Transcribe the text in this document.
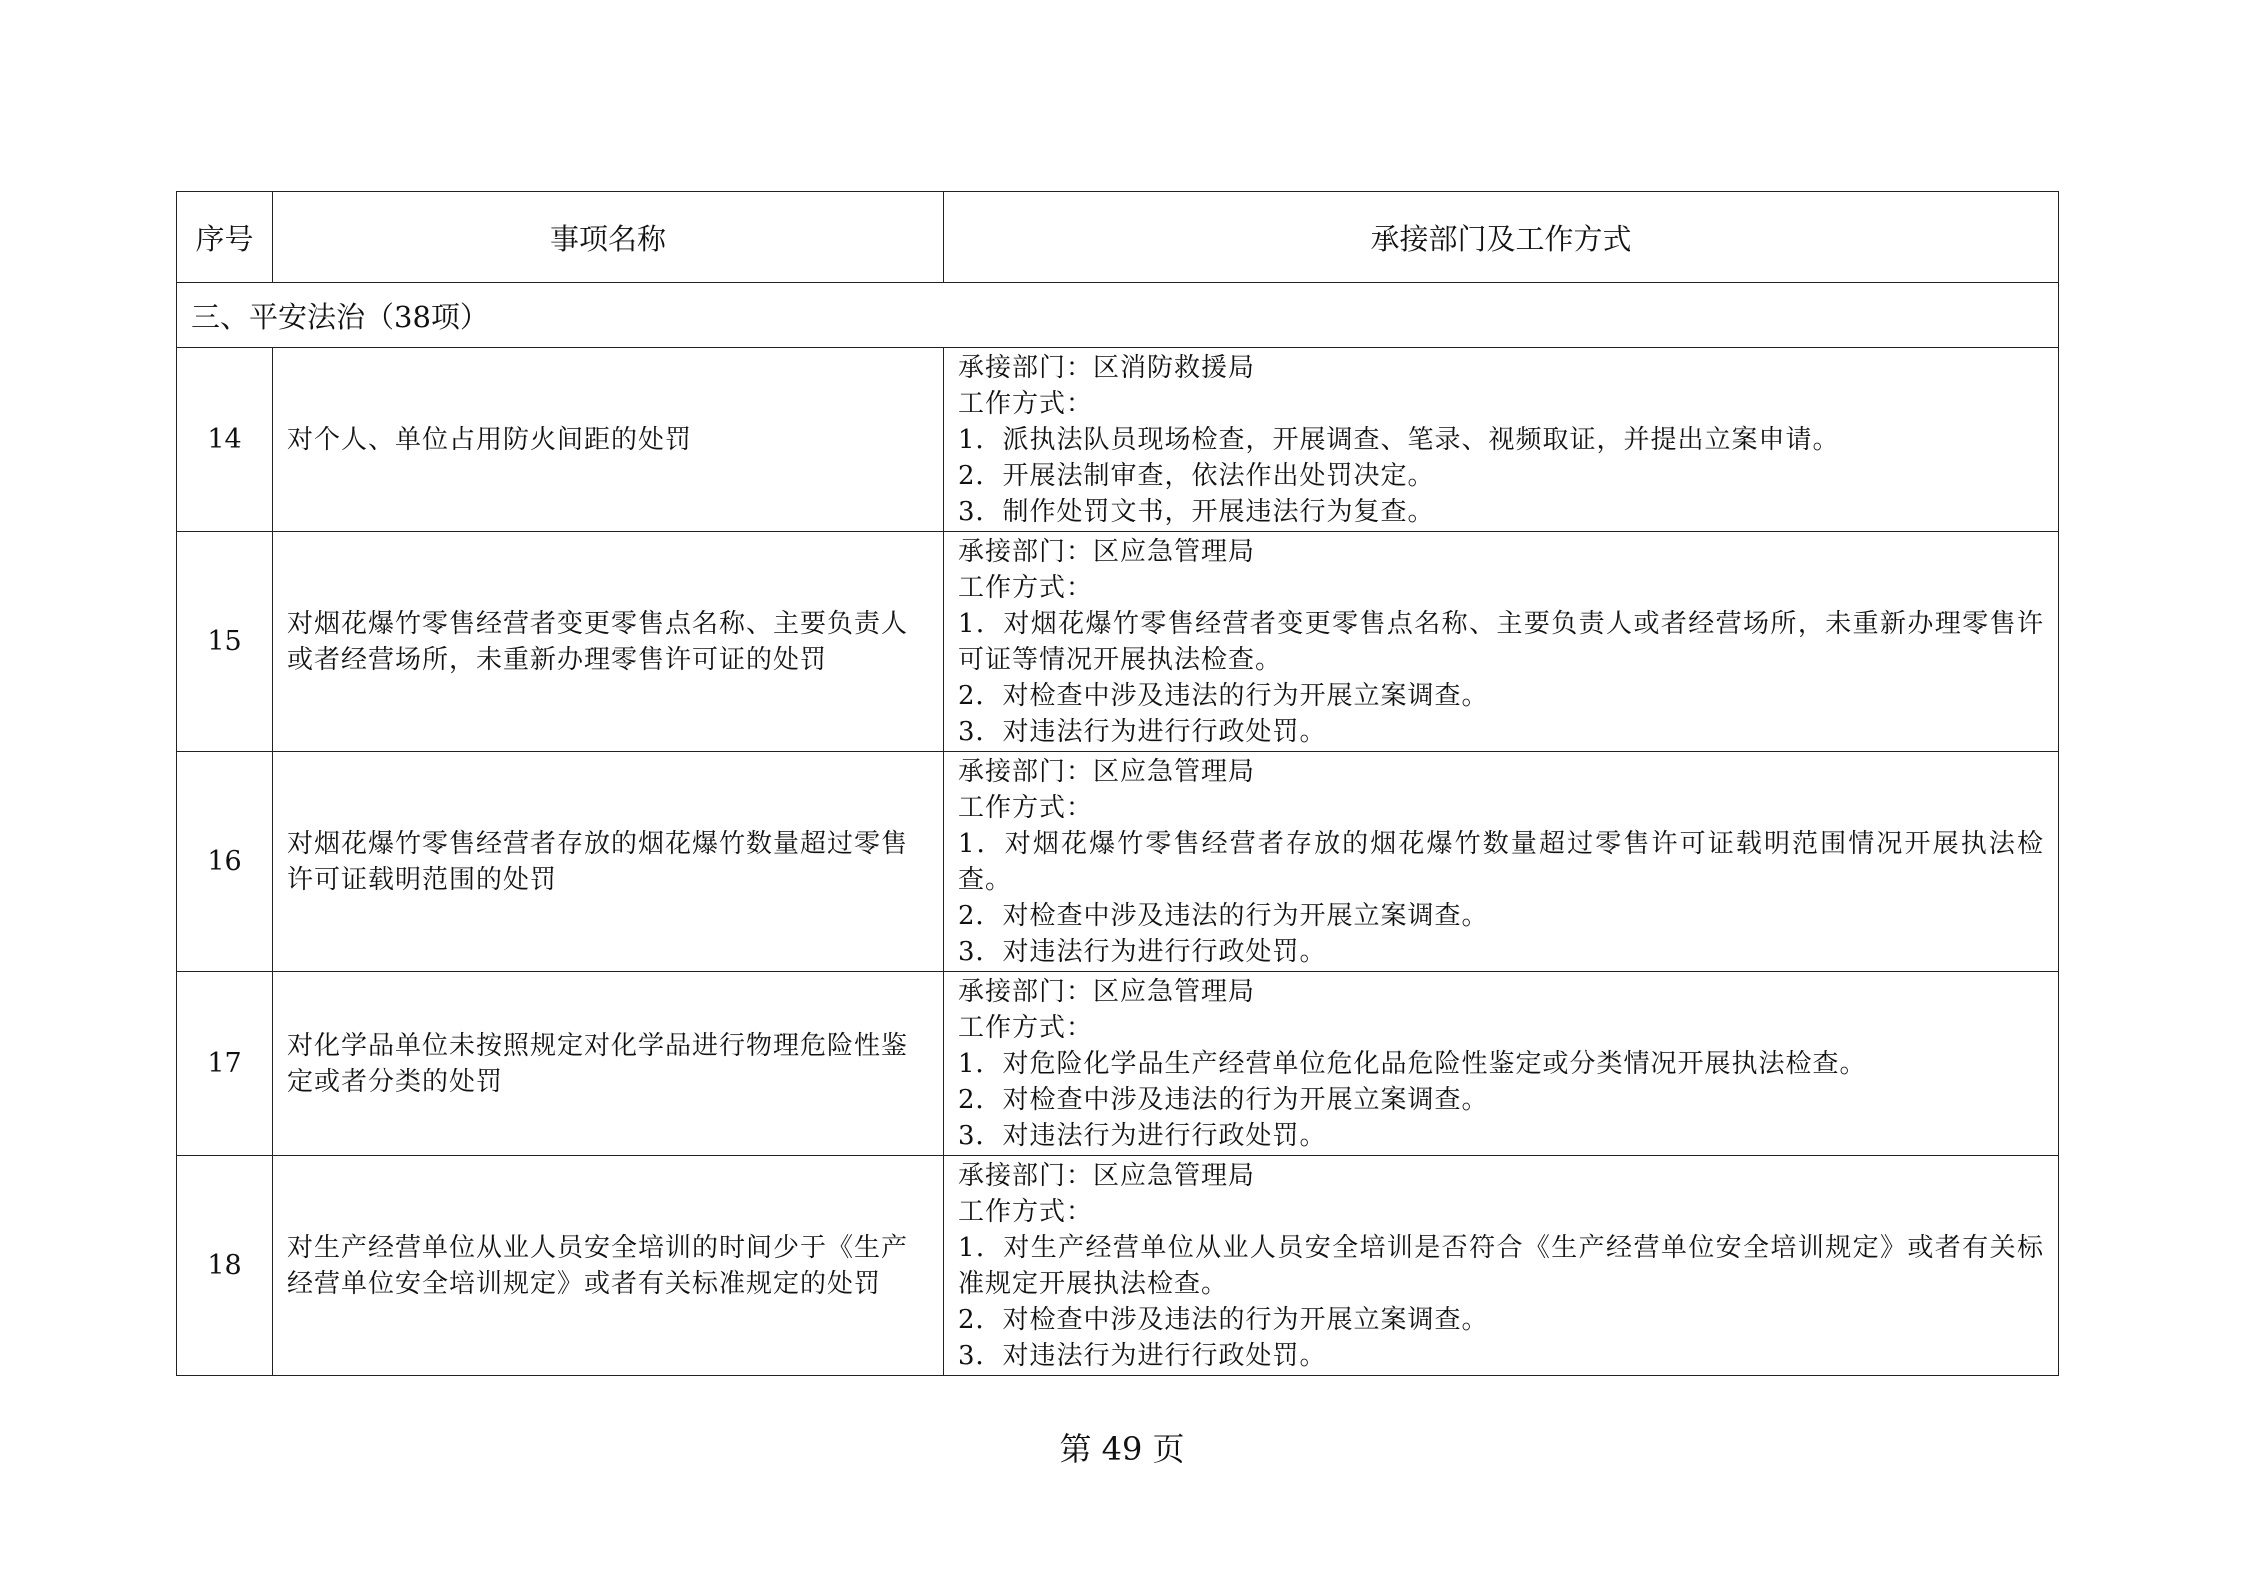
序号	事项名称	承接部门及工作方式
三、平安法治（38项）		
14	对个人、单位占用防火间距的处罚	承接部门：区消防救援局
工作方式：
1．派执法队员现场检查，开展调查、笔录、视频取证，并提出立案申请。
2．开展法制审查，依法作出处罚决定。
3．制作处罚文书，开展违法行为复查。

15	对烟花爆竹零售经营者变更零售点名称、主要负责人或者经营场所，未重新办理零售许可证的处罚	承接部门：区应急管理局
工作方式：
1．对烟花爆竹零售经营者变更零售点名称、主要负责人或者经营场所，未重新办理零售许可证等情况开展执法检查。
2．对检查中涉及违法的行为开展立案调查。
3．对违法行为进行行政处罚。

16	对烟花爆竹零售经营者存放的烟花爆竹数量超过零售许可证载明范围的处罚	承接部门：区应急管理局
工作方式：
1．对烟花爆竹零售经营者存放的烟花爆竹数量超过零售许可证载明范围情况开展执法检查。
2．对检查中涉及违法的行为开展立案调查。
3．对违法行为进行行政处罚。

17	对化学品单位未按照规定对化学品进行物理危险性鉴定或者分类的处罚	承接部门：区应急管理局
工作方式：
1．对危险化学品生产经营单位危化品危险性鉴定或分类情况开展执法检查。
2．对检查中涉及违法的行为开展立案调查。
3．对违法行为进行行政处罚。

18	对生产经营单位从业人员安全培训的时间少于《生产经营单位安全培训规定》或者有关标准规定的处罚	承接部门：区应急管理局
工作方式：
1．对生产经营单位从业人员安全培训是否符合《生产经营单位安全培训规定》或者有关标准规定开展执法检查。
2．对检查中涉及违法的行为开展立案调查。
3．对违法行为进行行政处罚。
第 49 页
